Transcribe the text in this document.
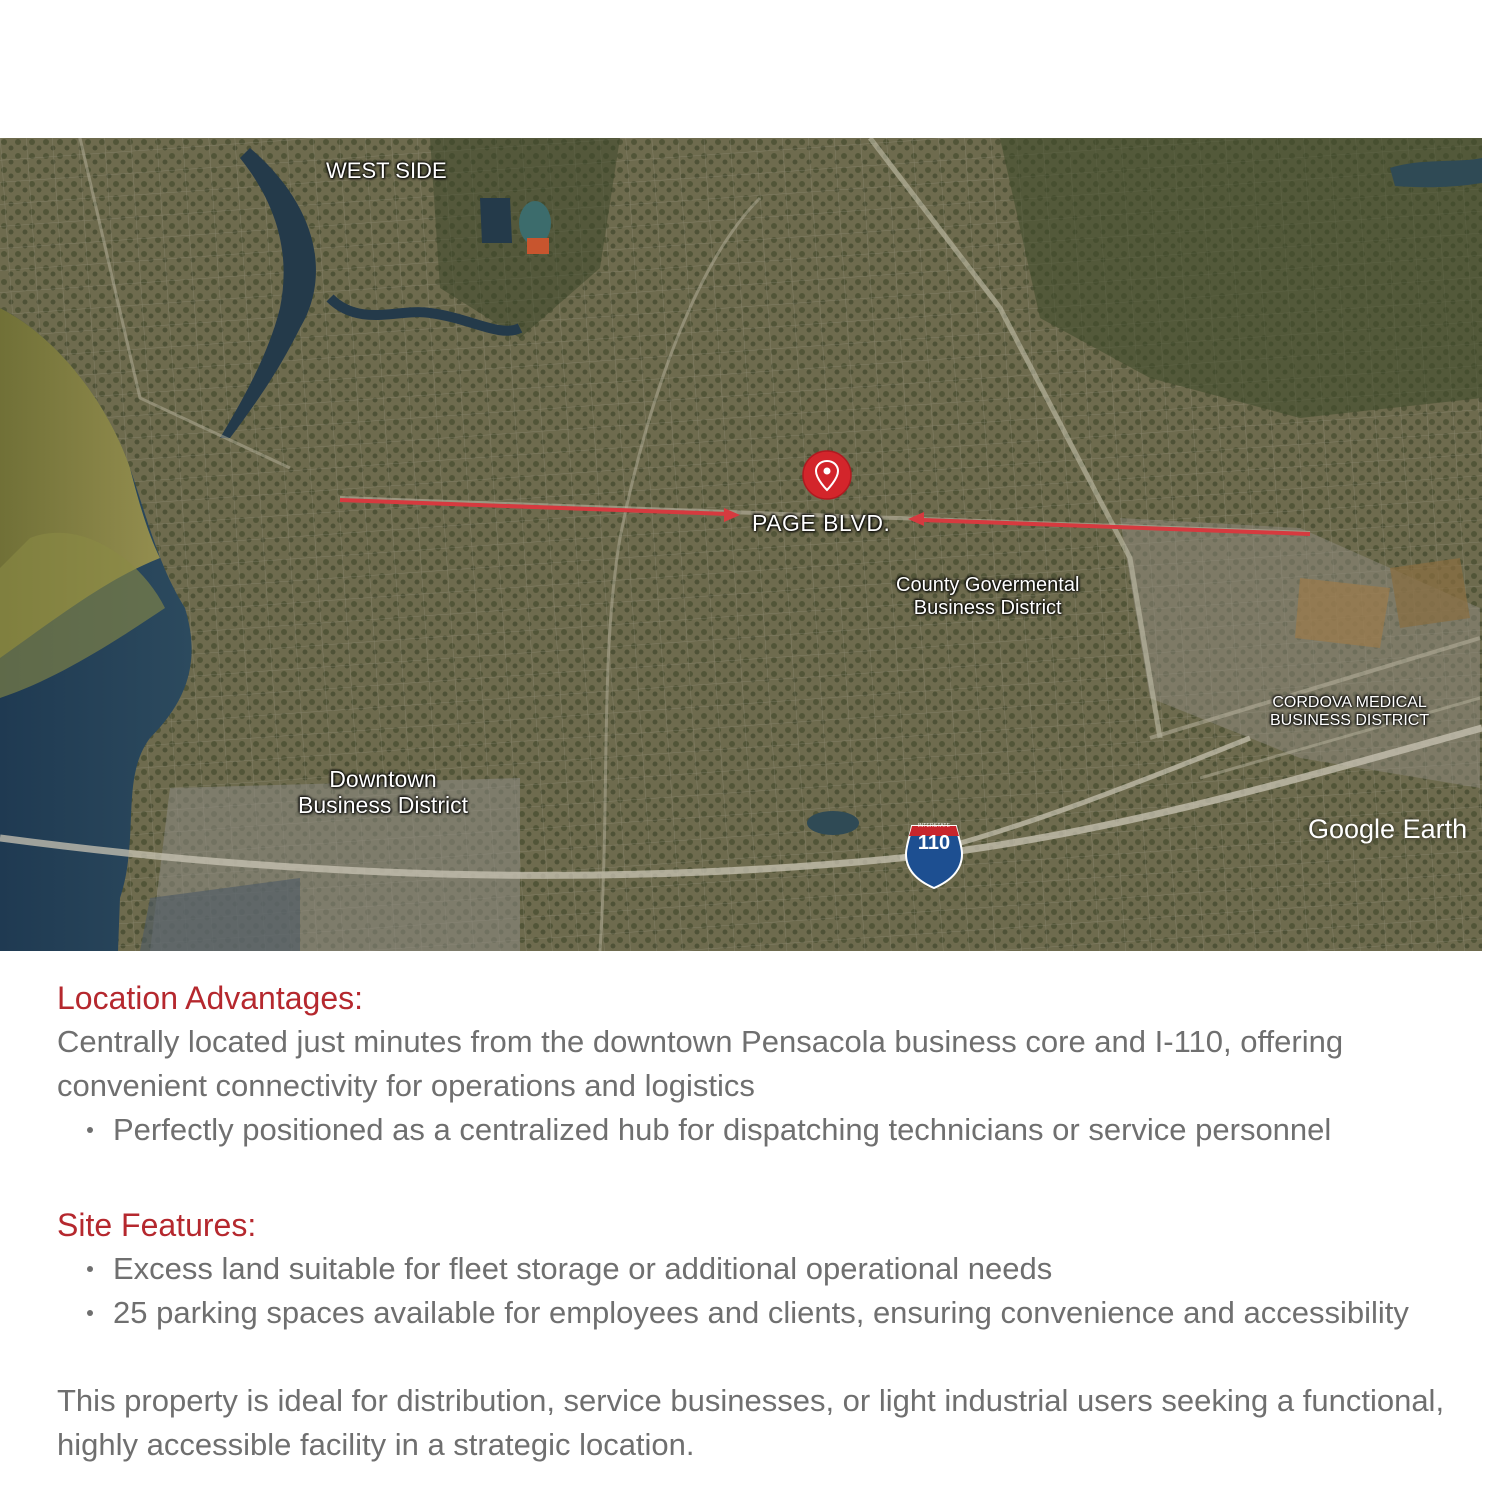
WEST SIDE
PAGE BLVD.
County Govermental
Business District
CORDOVA MEDICAL
BUSINESS DISTRICT
Downtown
Business District
INTERSTATE
110	Google Earth
Location Advantages:

Centrally located just minutes from the downtown Pensacola business core and I-110, offering convenient connectivity for operations and logistics

Perfectly positioned as a centralized hub for dispatching technicians or service personnel
Site Features:
Excess land suitable for fleet storage or additional operational needs
25 parking spaces available for employees and clients, ensuring convenience and accessibility

This property is ideal for distribution, service businesses, or light industrial users seeking a functional, highly accessible facility in a strategic location.
